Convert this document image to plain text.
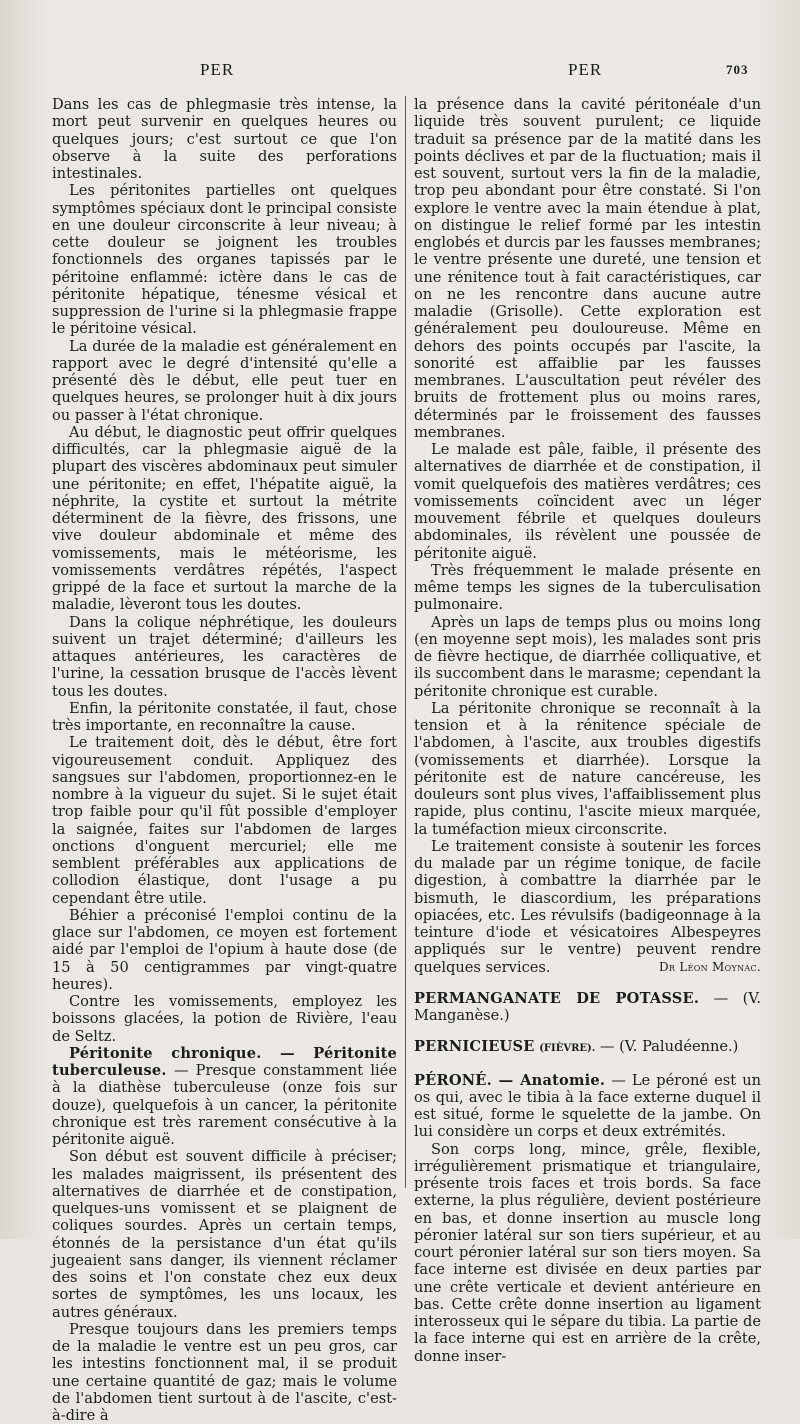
PER	PER	703

Dans les cas de phlegmasie très intense, la mort peut survenir en quelques heures ou quelques jours; c'est surtout ce que l'on observe à la suite des perforations intestinales.

Les péritonites partielles ont quelques symptômes spéciaux dont le principal consiste en une douleur circonscrite à leur niveau; à cette douleur se joignent les troubles fonctionnels des organes tapissés par le péritoine enflammé: ictère dans le cas de péritonite hépatique, ténesme vésical et suppression de l'urine si la phlegmasie frappe le péritoine vésical.

La durée de la maladie est généralement en rapport avec le degré d'intensité qu'elle a présenté dès le début, elle peut tuer en quelques heures, se prolonger huit à dix jours ou passer à l'état chronique.

Au début, le diagnostic peut offrir quelques difficultés, car la phlegmasie aiguë de la plupart des viscères abdominaux peut simuler une péritonite; en effet, l'hépatite aiguë, la néphrite, la cystite et surtout la métrite déterminent de la fièvre, des frissons, une vive douleur abdominale et même des vomissements, mais le météorisme, les vomissements verdâtres répétés, l'aspect grippé de la face et surtout la marche de la maladie, lèveront tous les doutes.

Dans la colique néphrétique, les douleurs suivent un trajet déterminé; d'ailleurs les attaques antérieures, les caractères de l'urine, la cessation brusque de l'accès lèvent tous les doutes.

Enfin, la péritonite constatée, il faut, chose très importante, en reconnaître la cause.

Le traitement doit, dès le début, être fort vigoureusement conduit. Appliquez des sangsues sur l'abdomen, proportionnez-en le nombre à la vigueur du sujet. Si le sujet était trop faible pour qu'il fût possible d'employer la saignée, faites sur l'abdomen de larges onctions d'onguent mercuriel; elle me semblent préférables aux applications de collodion élastique, dont l'usage a pu cependant être utile.

Béhier a préconisé l'emploi continu de la glace sur l'abdomen, ce moyen est fortement aidé par l'emploi de l'opium à haute dose (de 15 à 50 centigrammes par vingt-quatre heures).

Contre les vomissements, employez les boissons glacées, la potion de Rivière, l'eau de Seltz.

Péritonite chronique. — Péritonite tuberculeuse. — Presque constamment liée à la diathèse tuberculeuse (onze fois sur douze), quelquefois à un cancer, la péritonite chronique est très rarement consécutive à la péritonite aiguë.

Son début est souvent difficile à préciser; les malades maigrissent, ils présentent des alternatives de diarrhée et de constipation, quelques-uns vomissent et se plaignent de coliques sourdes. Après un certain temps, étonnés de la persistance d'un état qu'ils jugeaient sans danger, ils viennent réclamer des soins et l'on constate chez eux deux sortes de symptômes, les uns locaux, les autres généraux.

Presque toujours dans les premiers temps de la maladie le ventre est un peu gros, car les intestins fonctionnent mal, il se produit une certaine quantité de gaz; mais le volume de l'abdomen tient surtout à de l'ascite, c'est-à-dire à

la présence dans la cavité péritonéale d'un liquide très souvent purulent; ce liquide traduit sa présence par de la matité dans les points déclives et par de la fluctuation; mais il est souvent, surtout vers la fin de la maladie, trop peu abondant pour être constaté. Si l'on explore le ventre avec la main étendue à plat, on distingue le relief formé par les intestin englobés et durcis par les fausses membranes; le ventre présente une dureté, une tension et une rénitence tout à fait caractéristiques, car on ne les rencontre dans aucune autre maladie (Grisolle). Cette exploration est généralement peu douloureuse. Même en dehors des points occupés par l'ascite, la sonorité est affaiblie par les fausses membranes. L'auscultation peut révéler des bruits de frottement plus ou moins rares, déterminés par le froissement des fausses membranes.

Le malade est pâle, faible, il présente des alternatives de diarrhée et de constipation, il vomit quelquefois des matières verdâtres; ces vomissements coïncident avec un léger mouvement fébrile et quelques douleurs abdominales, ils révèlent une poussée de péritonite aiguë.

Très fréquemment le malade présente en même temps les signes de la tuberculisation pulmonaire.

Après un laps de temps plus ou moins long (en moyenne sept mois), les malades sont pris de fièvre hectique, de diarrhée colliquative, et ils succombent dans le marasme; cependant la péritonite chronique est curable.

La péritonite chronique se reconnaît à la tension et à la rénitence spéciale de l'abdomen, à l'ascite, aux troubles digestifs (vomissements et diarrhée). Lorsque la péritonite est de nature cancéreuse, les douleurs sont plus vives, l'affaiblissement plus rapide, plus continu, l'ascite mieux marquée, la tuméfaction mieux circonscrite.

Le traitement consiste à soutenir les forces du malade par un régime tonique, de facile digestion, à combattre la diarrhée par le bismuth, le diascordium, les préparations opiacées, etc. Les révulsifs (badigeonnage à la teinture d'iode et vésicatoires Albespeyres appliqués sur le ventre) peuvent rendre quelques services.	Dr Léon Moynac.

PERMANGANATE DE POTASSE. — (V. Manganèse.)

PERNICIEUSE (FIÈVRE). — (V. Paludéenne.)

PÉRONÉ. — Anatomie. — Le péroné est un os qui, avec le tibia à la face externe duquel il est situé, forme le squelette de la jambe. On lui considère un corps et deux extrémités.

Son corps long, mince, grêle, flexible, irrégulièrement prismatique et triangulaire, présente trois faces et trois bords. Sa face externe, la plus régulière, devient postérieure en bas, et donne insertion au muscle long péronier latéral sur son tiers supérieur, et au court péronier latéral sur son tiers moyen. Sa face interne est divisée en deux parties par une crête verticale et devient antérieure en bas. Cette crête donne insertion au ligament interosseux qui le sépare du tibia. La partie de la face interne qui est en arrière de la crête, donne inser-
